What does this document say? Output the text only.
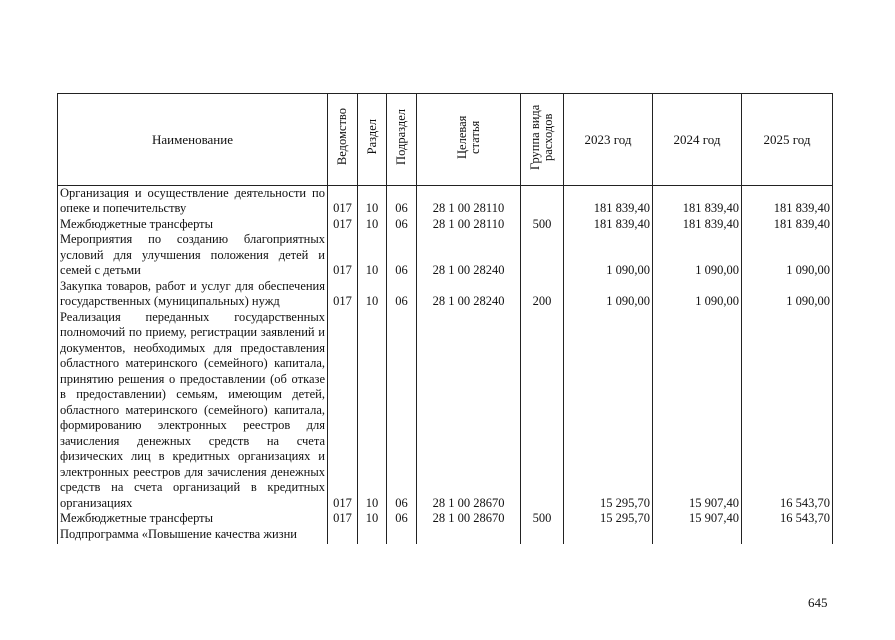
Наименование	Ведомство	Раздел	Подраздел	Целевая статья	Группа вида расходов	2023 год	2024 год	2025 год
Организация и осуществление деятельности по опеке и попечительству	017	10	06	28 1 00 28110		181 839,40	181 839,40	181 839,40
Межбюджетные трансферты	017	10	06	28 1 00 28110	500	181 839,40	181 839,40	181 839,40
Мероприятия по созданию благоприятных условий для улучшения положения детей и семей с детьми	017	10	06	28 1 00 28240		1 090,00	1 090,00	1 090,00
Закупка товаров, работ и услуг для обеспечения государственных (муниципальных) нужд	017	10	06	28 1 00 28240	200	1 090,00	1 090,00	1 090,00
Реализация переданных государственных полномочий по приему, регистрации заявлений и документов, необходимых для предоставления областного материнского (семейного) капитала, принятию решения о предоставлении (об отказе в предоставлении) семьям, имеющим детей, областного материнского (семейного) капитала, формированию электронных реестров для зачисления денежных средств на счета физических лиц в кредитных организациях и электронных реестров для зачисления денежных средств на счета организаций в кредитных организациях	017	10	06	28 1 00 28670		15 295,70	15 907,40	16 543,70
Межбюджетные трансферты	017	10	06	28 1 00 28670	500	15 295,70	15 907,40	16 543,70
Подпрограмма «Повышение качества жизни								
645
